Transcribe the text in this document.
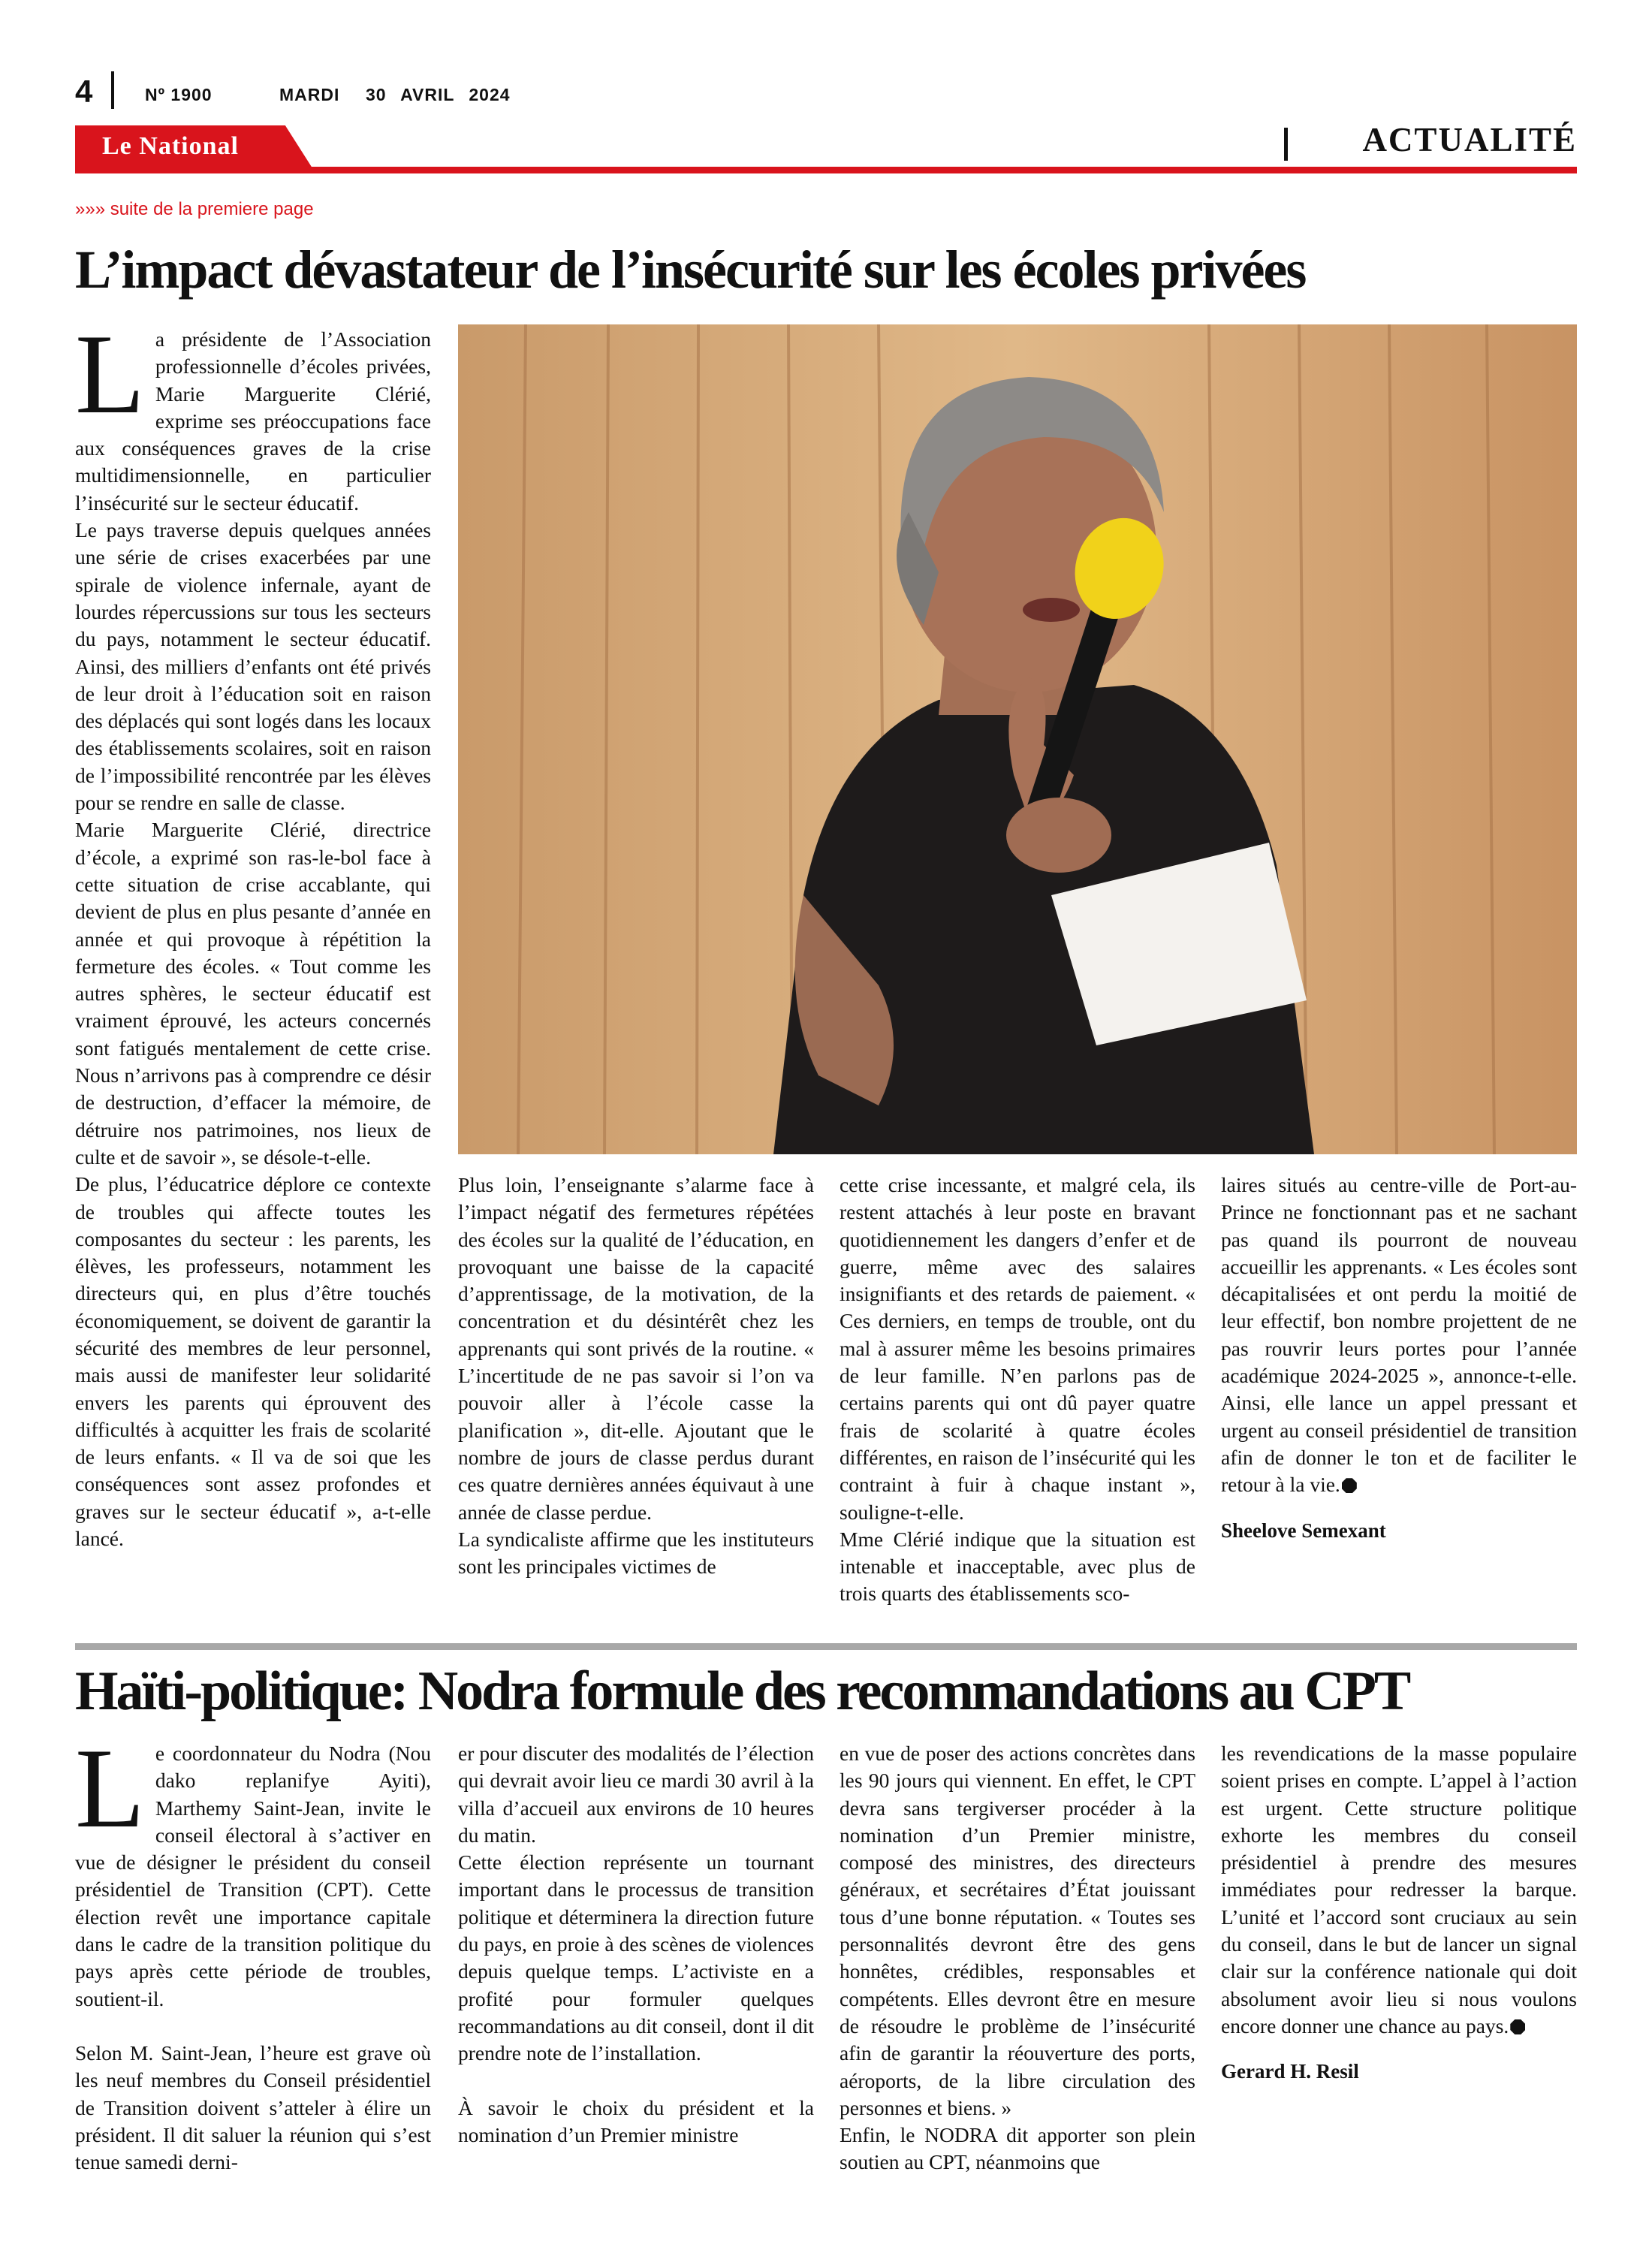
4	Nº 1900	MARDI 30 AVRIL 2024
Le National	ACTUALITÉ
»»» suite de la premiere page
L’impact dévastateur de l’insécurité sur les écoles privées

La présidente de l’Association professionnelle d’écoles privées, Marie Marguerite Clérié, exprime ses préoccupations face aux conséquences graves de la crise multidimensionnelle, en particulier l’insécurité sur le secteur éducatif.

Le pays traverse depuis quelques années une série de crises exacerbées par une spirale de violence infernale, ayant de lourdes répercussions sur tous les secteurs du pays, notamment le secteur éducatif. Ainsi, des milliers d’enfants ont été privés de leur droit à l’éducation soit en raison des déplacés qui sont logés dans les locaux des établissements scolaires, soit en raison de l’impossibilité rencontrée par les élèves pour se rendre en salle de classe.

Marie Marguerite Clérié, directrice d’école, a exprimé son ras-le-bol face à cette situation de crise accablante, qui devient de plus en plus pesante d’année en année et qui provoque à répétition la fermeture des écoles. « Tout comme les autres sphères, le secteur éducatif est vraiment éprouvé, les acteurs concernés sont fatigués mentalement de cette crise. Nous n’arrivons pas à comprendre ce désir de destruction, d’effacer la mémoire, de détruire nos patrimoines, nos lieux de culte et de savoir », se désole-t-elle.

De plus, l’éducatrice déplore ce contexte de troubles qui affecte toutes les composantes du secteur : les parents, les élèves, les professeurs, notamment les directeurs qui, en plus d’être touchés économiquement, se doivent de garantir la sécurité des membres de leur personnel, mais aussi de manifester leur solidarité envers les parents qui éprouvent des difficultés à acquitter les frais de scolarité de leurs enfants. « Il va de soi que les conséquences sont assez profondes et graves sur le secteur éducatif », a-t-elle lancé.

Plus loin, l’enseignante s’alarme face à l’impact négatif des fermetures répétées des écoles sur la qualité de l’éducation, en provoquant une baisse de la capacité d’apprentissage, de la motivation, de la concentration et du désintérêt chez les apprenants qui sont privés de la routine. « L’incertitude de ne pas savoir si l’on va pouvoir aller à l’école casse la planification », dit-elle. Ajoutant que le nombre de jours de classe perdus durant ces quatre dernières années équivaut à une année de classe perdue.

La syndicaliste affirme que les instituteurs sont les principales victimes de

cette crise incessante, et malgré cela, ils restent attachés à leur poste en bravant quotidiennement les dangers d’enfer et de guerre, même avec des salaires insignifiants et des retards de paiement. « Ces derniers, en temps de trouble, ont du mal à assurer même les besoins primaires de leur famille. N’en parlons pas de certains parents qui ont dû payer quatre frais de scolarité à quatre écoles différentes, en raison de l’insécurité qui les contraint à fuir à chaque instant », souligne-t-elle.

Mme Clérié indique que la situation est intenable et inacceptable, avec plus de trois quarts des établissements sco-

laires situés au centre-ville de Port-au-Prince ne fonctionnant pas et ne sachant pas quand ils pourront de nouveau accueillir les apprenants. « Les écoles sont décapitalisées et ont perdu la moitié de leur effectif, bon nombre projettent de ne pas rouvrir leurs portes pour l’année académique 2024-2025 », annonce-t-elle. Ainsi, elle lance un appel pressant et urgent au conseil présidentiel de transition afin de donner le ton et de faciliter le retour à la vie.

Sheelove Semexant

Haïti-politique: Nodra formule des recommandations au CPT

Le coordonnateur du Nodra (Nou dako replanifye Ayiti), Marthemy Saint-Jean, invite le conseil électoral à s’activer en vue de désigner le président du conseil présidentiel de Transition (CPT). Cette élection revêt une importance capitale dans le cadre de la transition politique du pays après cette période de troubles, soutient-il.

Selon M. Saint-Jean, l’heure est grave où les neuf membres du Conseil présidentiel de Transition doivent s’atteler à élire un président. Il dit saluer la réunion qui s’est tenue samedi derni-

er pour discuter des modalités de l’élection qui devrait avoir lieu ce mardi 30 avril à la villa d’accueil aux environs de 10 heures du matin.

Cette élection représente un tournant important dans le processus de transition politique et déterminera la direction future du pays, en proie à des scènes de violences depuis quelque temps. L’activiste en a profité pour formuler quelques recommandations au dit conseil, dont il dit prendre note de l’installation.

À savoir le choix du président et la nomination d’un Premier ministre

en vue de poser des actions concrètes dans les 90 jours qui viennent. En effet, le CPT devra sans tergiverser procéder à la nomination d’un Premier ministre, composé des ministres, des directeurs généraux, et secrétaires d’État jouissant tous d’une bonne réputation. « Toutes ses personnalités devront être des gens honnêtes, crédibles, responsables et compétents. Elles devront être en mesure de résoudre le problème de l’insécurité afin de garantir la réouverture des ports, aéroports, de la libre circulation des personnes et biens. »

Enfin, le NODRA dit apporter son plein soutien au CPT, néanmoins que

les revendications de la masse populaire soient prises en compte. L’appel à l’action est urgent. Cette structure politique exhorte les membres du conseil présidentiel à prendre des mesures immédiates pour redresser la barque. L’unité et l’accord sont cruciaux au sein du conseil, dans le but de lancer un signal clair sur la conférence nationale qui doit absolument avoir lieu si nous voulons encore donner une chance au pays.

Gerard H. Resil
